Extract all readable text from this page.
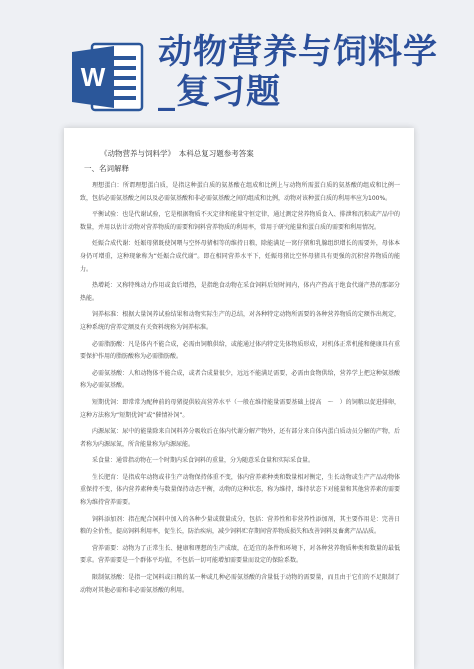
W
动物营养与饲料学
_复习题
《动物营养与饲料学》　本科总复习题参考答案
一、名词解释

理想蛋白：所谓理想蛋白质，是指这种蛋白质的氨基酸在组成和比例上与动物所需蛋白质的氨基酸的组成和比例一致，包括必需氨基酸之间以及必需氨基酸和非必需氨基酸之间的组成和比例，动物对该种蛋白质的利用率应为100%。

平衡试验：也是代谢试验，它是根据物质不灭定律和能量守恒定律，通过测定营养物质食入、排泄和沉积或产品中的数量，并用以估计动物对营养物质的需要和饲料营养物质的利用率，常用于研究能量和蛋白质的需要和利用情况。

妊娠合成代谢：妊娠母猪既使饲喂与空怀母猪相等的维持日粮，除能满足一窝仔猪和乳腺组织增长的需要外，母体本身仍可增重，这种现象称为“妊娠合成代谢”。即在相同营养水平下，妊娠母猪比空怀母猪具有更强的沉积营养物质的能力。

热增耗：又称特殊动力作用或食后增热，是指绝食动物在采食饲料后短时间内，体内产热高于绝食代谢产热的那部分热能。

饲养标准：根据大量饲养试验结果和动物实际生产的总结，对各种特定动物所需要的各种营养物质的定额作出规定，这种系统的营养定额及有关资料统称为饲养标准。

必需脂肪酸：凡是体内不能合成，必需由饲粮供给，或能通过体内特定先体物质形成，对机体正常机能和健康具有重要保护作用的脂肪酸称为必需脂肪酸。

必需氨基酸：人和动物体不能合成，或者合成量很少，远远不能满足需要，必需由食物供给，营养学上把这种氨基酸称为必需氨基酸。

短期优饲：即常常为配种前的母猪提供较高营养水平（一般在维持能量需要基础上提高　～　）的饲粮以促进排卵，这种方法称为“短期优饲”或“催情补饲”。

内源尿氮：尿中的能量除来自饲料养分吸收后在体内代谢分解产物外，还有部分来自体内蛋白质动员分解的产物，后者称为内源尿氮，所含能量称为内源尿能。

采食量：通常指动物在一个时期内采食饲料的重量，分为随意采食量和实际采食量。

生长肥育：是指成年动物或非生产动物保持体重不变，体内营养素种类和数量相对衡定，生长动物或生产产品动物体重保持不变，体内营养素种类与数量保持动态平衡，动物的这种状态，称为维持，维持状态下对能量和其他营养素的需要称为维持营养需要。

饲料添加剂：指在配合饲料中加入的各种少量或微量成分，包括：营养性和非营养性添加剂，其主要作用是：完善日粮的全价性，提高饲料利用率，促生长，防治疾病，减少饲料贮存期间营养物质损失和改善饲料及畜禽产品品质。

营养需要：动物为了正常生长、健康和理想的生产成绩，在适宜的条件和环境下，对各种营养物质种类和数量的最低要求。营养需要是一个群体平均值，不包括一切可能增加需要量而设定的保险系数。

限制氨基酸：是指一定饲料或日粮的某一种或几种必需氨基酸的含量低于动物的需要量，而且由于它们的不足限制了动物对其他必需和非必需氨基酸的利用。
